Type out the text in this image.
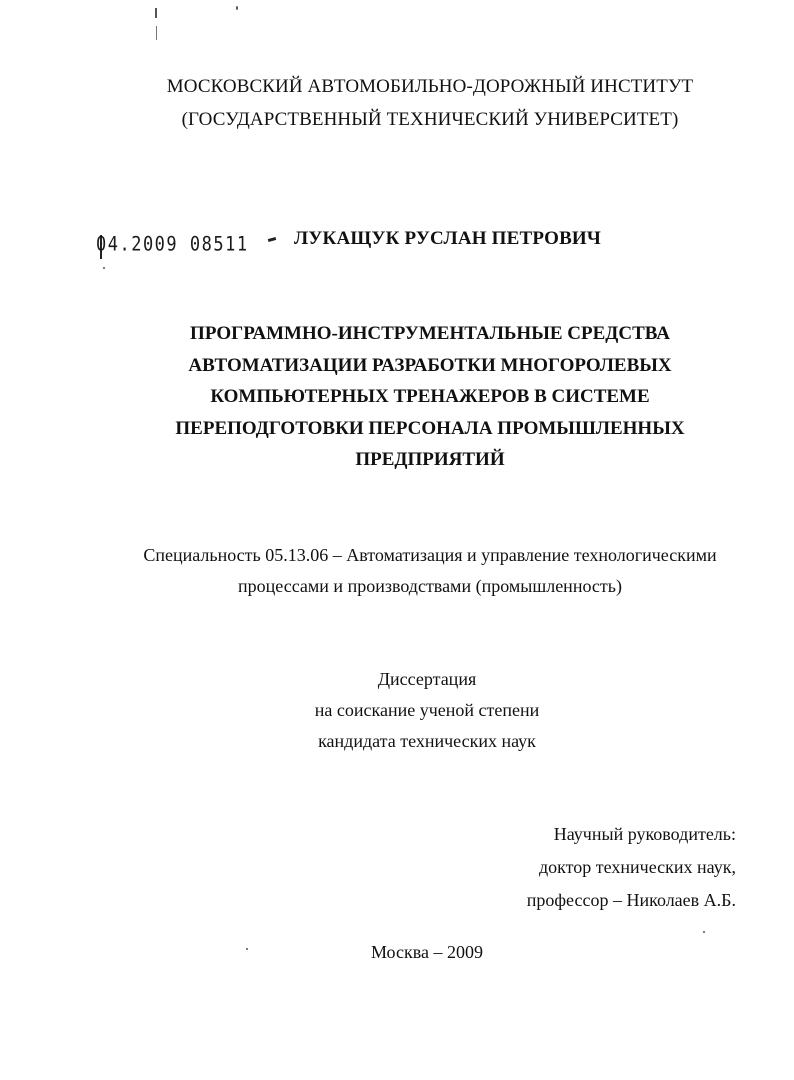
МОСКОВСКИЙ АВТОМОБИЛЬНО-ДОРОЖНЫЙ ИНСТИТУТ
(ГОСУДАРСТВЕННЫЙ ТЕХНИЧЕСКИЙ УНИВЕРСИТЕТ)
04.2009 08511 ЛУКАЩУК РУСЛАН ПЕТРОВИЧ
ПРОГРАММНО-ИНСТРУМЕНТАЛЬНЫЕ СРЕДСТВА
АВТОМАТИЗАЦИИ РАЗРАБОТКИ МНОГОРОЛЕВЫХ
КОМПЬЮТЕРНЫХ ТРЕНАЖЕРОВ В СИСТЕМЕ
ПЕРЕПОДГОТОВКИ ПЕРСОНАЛА ПРОМЫШЛЕННЫХ
ПРЕДПРИЯТИЙ
Специальность 05.13.06 – Автоматизация и управление технологическими
процессами и производствами (промышленность)
Диссертация
на соискание ученой степени
кандидата технических наук
Научный руководитель:
доктор технических наук,
профессор – Николаев А.Б.
Москва – 2009
